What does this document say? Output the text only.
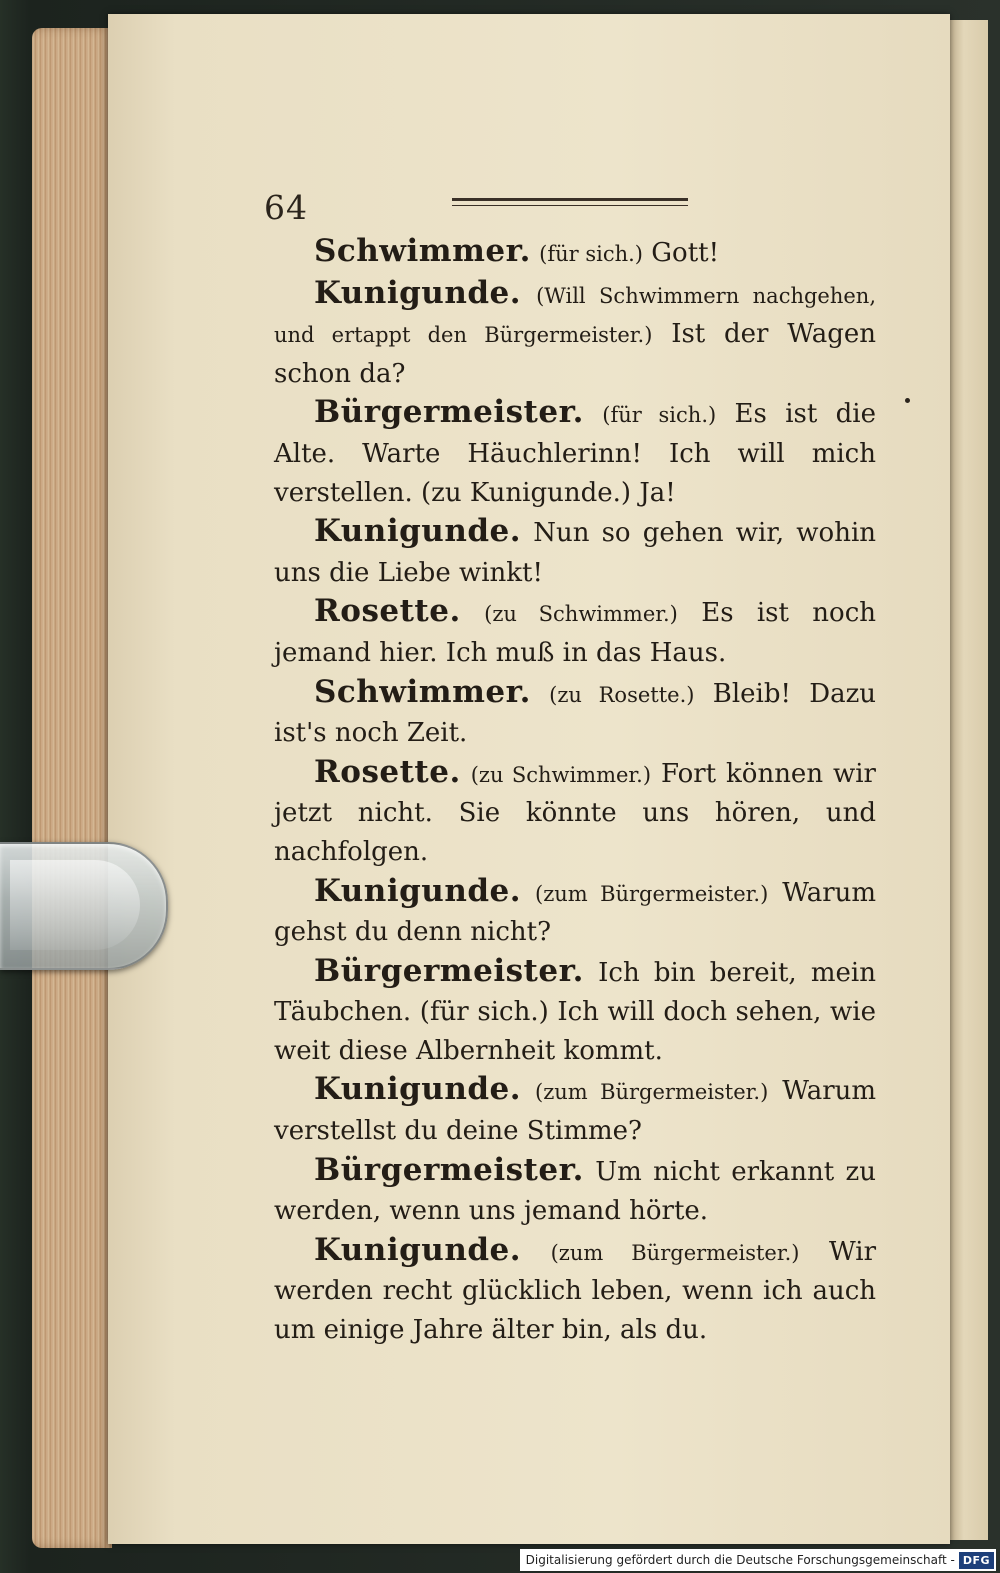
64

Schwimmer. (für sich.) Gott!

Kunigunde. (Will Schwimmern nachgehen, und ertappt den Bürgermeister.) Ist der Wagen schon da?

Bürgermeister. (für sich.) Es ist die Alte. Warte Häuchlerinn! Ich will mich verstellen. (zu Kunigunde.) Ja!

Kunigunde. Nun so gehen wir, wohin uns die Liebe winkt!

Rosette. (zu Schwimmer.) Es ist noch jemand hier. Ich muß in das Haus.

Schwimmer. (zu Rosette.) Bleib! Dazu ist's noch Zeit.

Rosette. (zu Schwimmer.) Fort können wir jetzt nicht. Sie könnte uns hören, und nachfolgen.

Kunigunde. (zum Bürgermeister.) Warum gehst du denn nicht?

Bürgermeister. Ich bin bereit, mein Täubchen. (für sich.) Ich will doch sehen, wie weit diese Albernheit kommt.

Kunigunde. (zum Bürgermeister.) Warum verstellst du deine Stimme?

Bürgermeister. Um nicht erkannt zu werden, wenn uns jemand hörte.

Kunigunde. (zum Bürgermeister.) Wir werden recht glücklich leben, wenn ich auch um einige Jahre älter bin, als du.

Digitalisierung gefördert durch die Deutsche Forschungsgemeinschaft - DFG
